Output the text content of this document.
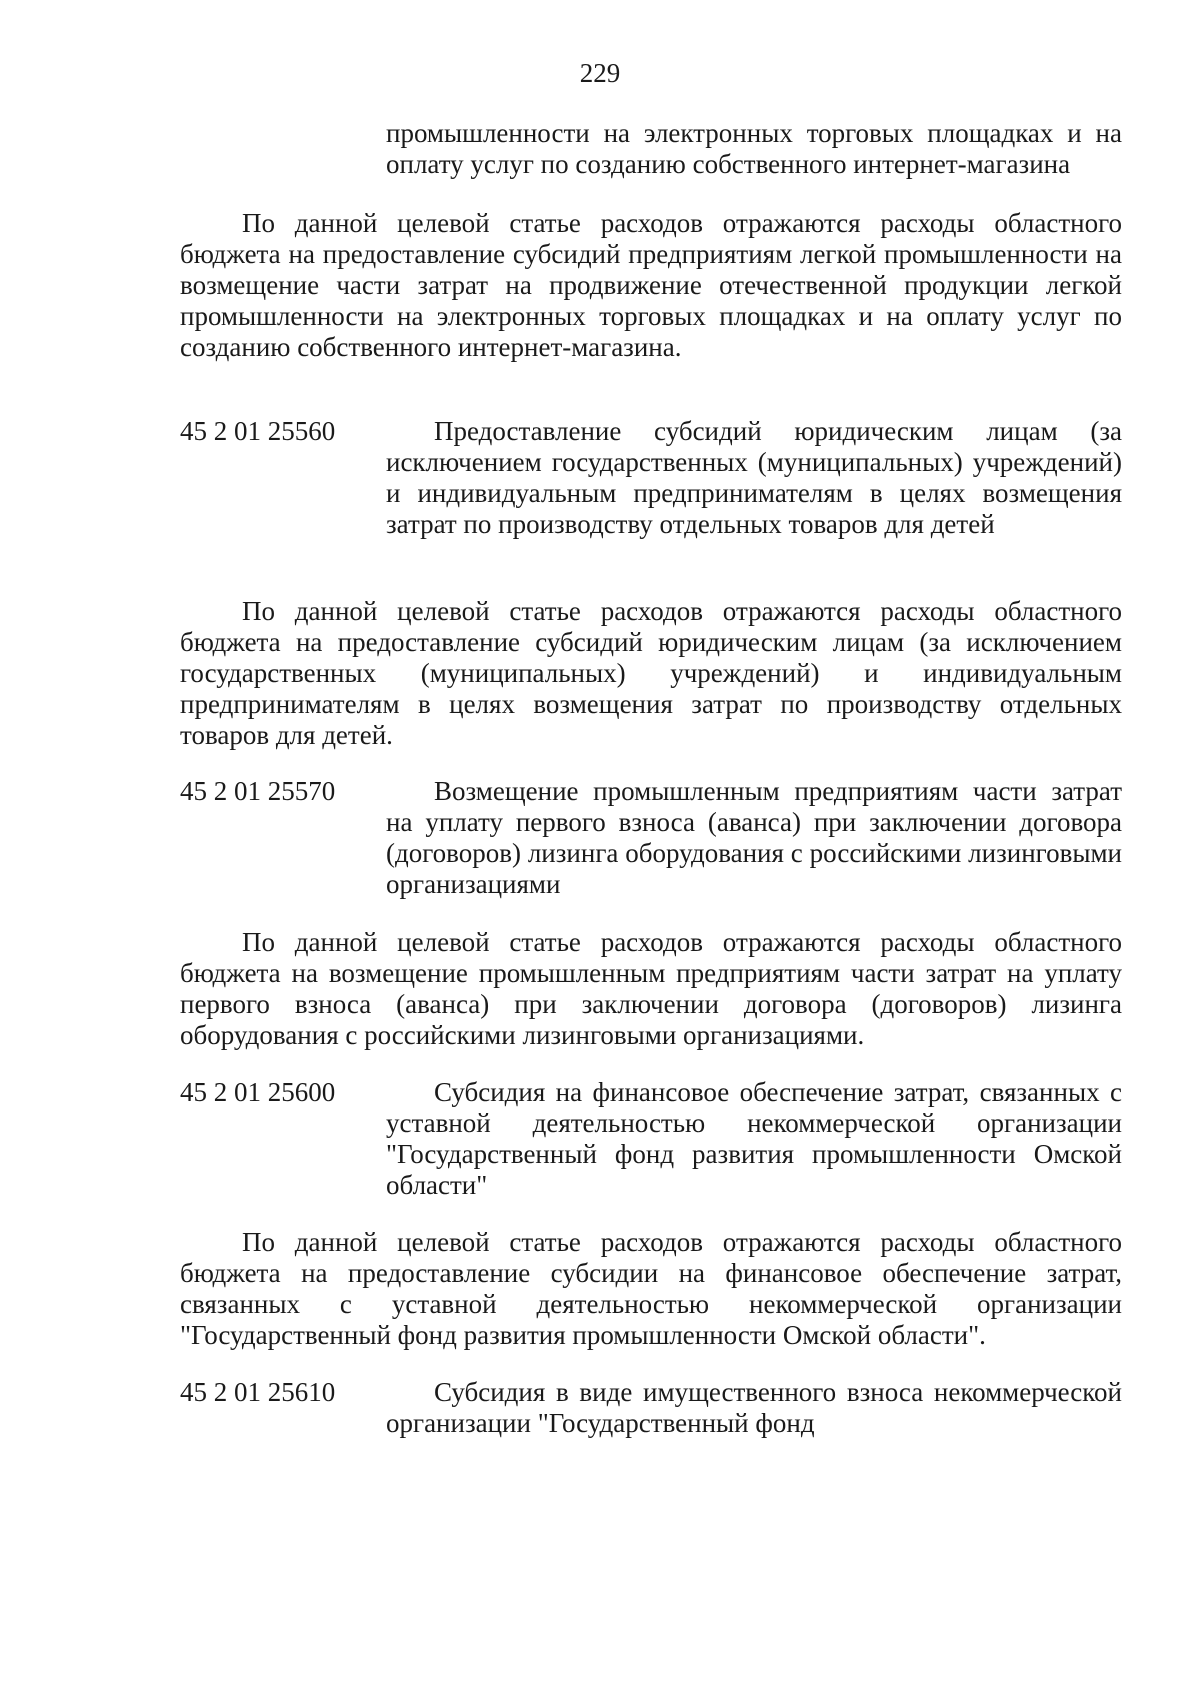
229

промышленности на электронных торговых площадках и на оплату услуг по созданию собственного интернет-магазина

По данной целевой статье расходов отражаются расходы областного бюджета на предоставление субсидий предприятиям легкой промышленности на возмещение части затрат на продвижение отечественной продукции легкой промышленности на электронных торговых площадках и на оплату услуг по созданию собственного интернет-магазина.

45 2 01 25560	Предоставление субсидий юридическим лицам (за исключением государственных (муниципальных) учреждений) и индивидуальным предпринимателям в целях возмещения затрат по производству отдельных товаров для детей

По данной целевой статье расходов отражаются расходы областного бюджета на предоставление субсидий юридическим лицам (за исключением государственных (муниципальных) учреждений) и индивидуальным предпринимателям в целях возмещения затрат по производству отдельных товаров для детей.

45 2 01 25570	Возмещение промышленным предприятиям части затрат на уплату первого взноса (аванса) при заключении договора (договоров) лизинга оборудования с российскими лизинговыми организациями

По данной целевой статье расходов отражаются расходы областного бюджета на возмещение промышленным предприятиям части затрат на уплату первого взноса (аванса) при заключении договора (договоров) лизинга оборудования с российскими лизинговыми организациями.

45 2 01 25600	Субсидия на финансовое обеспечение затрат, связанных с уставной деятельностью некоммерческой организации "Государственный фонд развития промышленности Омской области"

По данной целевой статье расходов отражаются расходы областного бюджета на предоставление субсидии на финансовое обеспечение затрат, связанных с уставной деятельностью некоммерческой организации "Государственный фонд развития промышленности Омской области".

45 2 01 25610	Субсидия в виде имущественного взноса некоммерческой организации "Государственный фонд
